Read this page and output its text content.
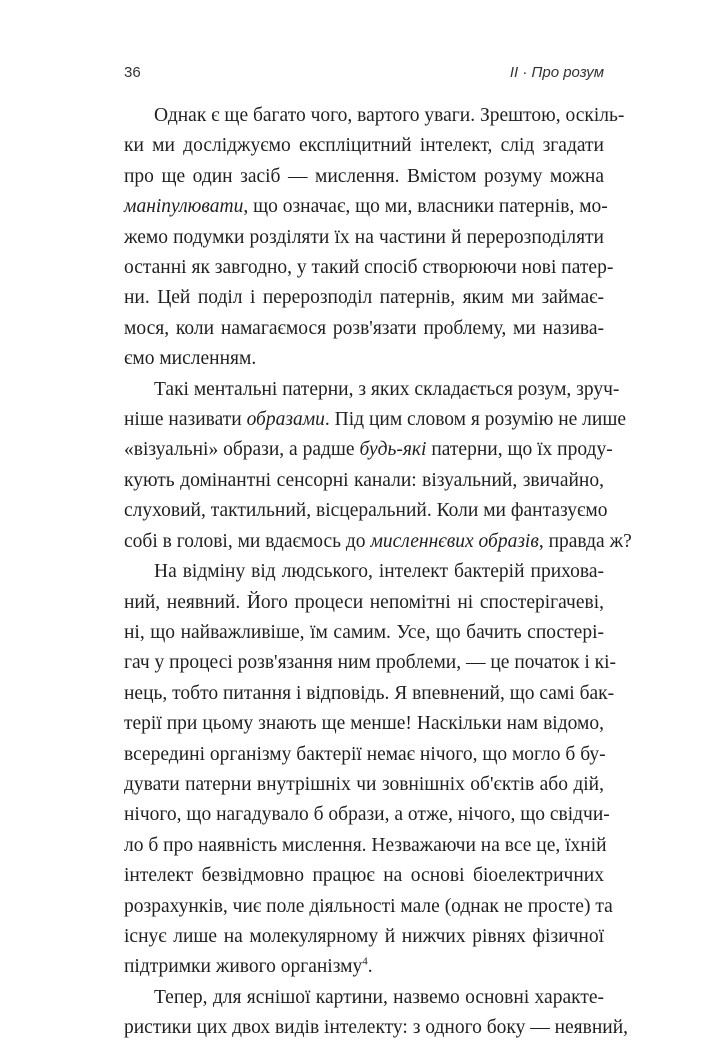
36	II · Про розум
Однак є ще багато чого, вартого уваги. Зрештою, оскіль-
ки ми досліджуємо експліцитний інтелект, слід згадати
про ще один засіб — мислення. Вмістом розуму можна
маніпулювати, що означає, що ми, власники патернів, мо-
жемо подумки розділяти їх на частини й перерозподіляти
останні як завгодно, у такий спосіб створюючи нові патер-
ни. Цей поділ і перерозподіл патернів, яким ми займає-
мося, коли намагаємося розв'язати проблему, ми назива-
ємо мисленням.
Такі ментальні патерни, з яких складається розум, зруч-
ніше називати образами. Під цим словом я розумію не лише
«візуальні» образи, а радше будь-які патерни, що їх проду-
кують домінантні сенсорні канали: візуальний, звичайно,
слуховий, тактильний, вісцеральний. Коли ми фантазуємо
собі в голові, ми вдаємось до мисленнєвих образів, правда ж?
На відміну від людського, інтелект бактерій прихова-
ний, неявний. Його процеси непомітні ні спостерігачеві,
ні, що найважливіше, їм самим. Усе, що бачить спостері-
гач у процесі розв'язання ним проблеми, — це початок і кі-
нець, тобто питання і відповідь. Я впевнений, що самі бак-
терії при цьому знають ще менше! Наскільки нам відомо,
всередині організму бактерії немає нічого, що могло б бу-
дувати патерни внутрішніх чи зовнішніх об'єктів або дій,
нічого, що нагадувало б образи, а отже, нічого, що свідчи-
ло б про наявність мислення. Незважаючи на все це, їхній
інтелект безвідмовно працює на основі біоелектричних
розрахунків, чиє поле діяльності мале (однак не просте) та
існує лише на молекулярному й нижчих рівнях фізичної
підтримки живого організму$^4$.
Тепер, для яснішої картини, назвемо основні характе-
ристики цих двох видів інтелекту: з одного боку — неявний,
